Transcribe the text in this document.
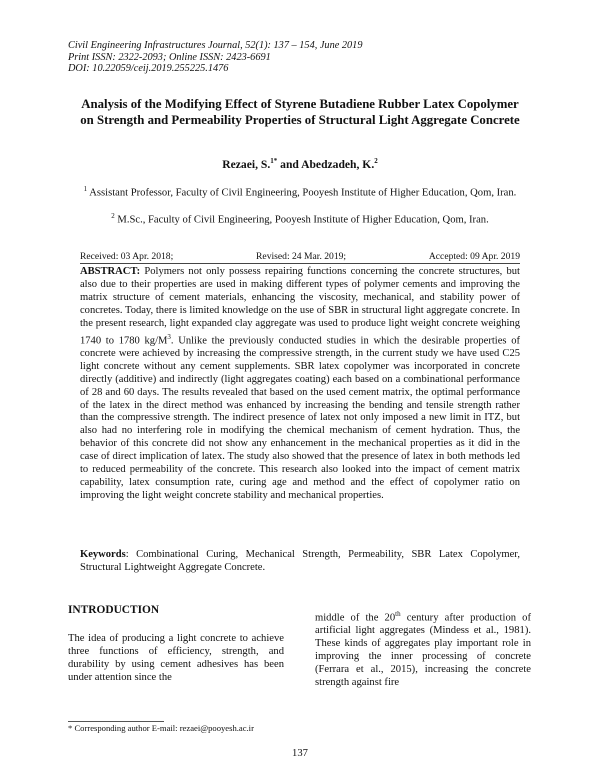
Civil Engineering Infrastructures Journal, 52(1): 137 – 154, June 2019
Print ISSN: 2322-2093; Online ISSN: 2423-6691
DOI: 10.22059/ceij.2019.255225.1476
Analysis of the Modifying Effect of Styrene Butadiene Rubber Latex Copolymer on Strength and Permeability Properties of Structural Light Aggregate Concrete
Rezaei, S.$^{1*}$ and Abedzadeh, K.$^2$
$^1$ Assistant Professor, Faculty of Civil Engineering, Pooyesh Institute of Higher Education, Qom, Iran.
$^2$ M.Sc., Faculty of Civil Engineering, Pooyesh Institute of Higher Education, Qom, Iran.
Received: 03 Apr. 2018;	Revised: 24 Mar. 2019;	Accepted: 09 Apr. 2019

ABSTRACT: Polymers not only possess repairing functions concerning the concrete structures, but also due to their properties are used in making different types of polymer cements and improving the matrix structure of cement materials, enhancing the viscosity, mechanical, and stability power of concretes. Today, there is limited knowledge on the use of SBR in structural light aggregate concrete. In the present research, light expanded clay aggregate was used to produce light weight concrete weighing 1740 to 1780 $kg/M^3$. Unlike the previously conducted studies in which the desirable properties of concrete were achieved by increasing the compressive strength, in the current study we have used C25 light concrete without any cement supplements. SBR latex copolymer was incorporated in concrete directly (additive) and indirectly (light aggregates coating) each based on a combinational performance of 28 and 60 days. The results revealed that based on the used cement matrix, the optimal performance of the latex in the direct method was enhanced by increasing the bending and tensile strength rather than the compressive strength. The indirect presence of latex not only imposed a new limit in ITZ, but also had no interfering role in modifying the chemical mechanism of cement hydration. Thus, the behavior of this concrete did not show any enhancement in the mechanical properties as it did in the case of direct implication of latex. The study also showed that the presence of latex in both methods led to reduced permeability of the concrete. This research also looked into the impact of cement matrix capability, latex consumption rate, curing age and method and the effect of copolymer ratio on improving the light weight concrete stability and mechanical properties.

Keywords: Combinational Curing, Mechanical Strength, Permeability, SBR Latex Copolymer, Structural Lightweight Aggregate Concrete.

INTRODUCTION

The idea of producing a light concrete to achieve three functions of efficiency, strength, and durability by using cement adhesives has been under attention since the

middle of the 20th century after production of artificial light aggregates (Mindess et al., 1981). These kinds of aggregates play important role in improving the inner processing of concrete (Ferrara et al., 2015), increasing the concrete strength against fire

* Corresponding author E-mail: rezaei@pooyesh.ac.ir
137
